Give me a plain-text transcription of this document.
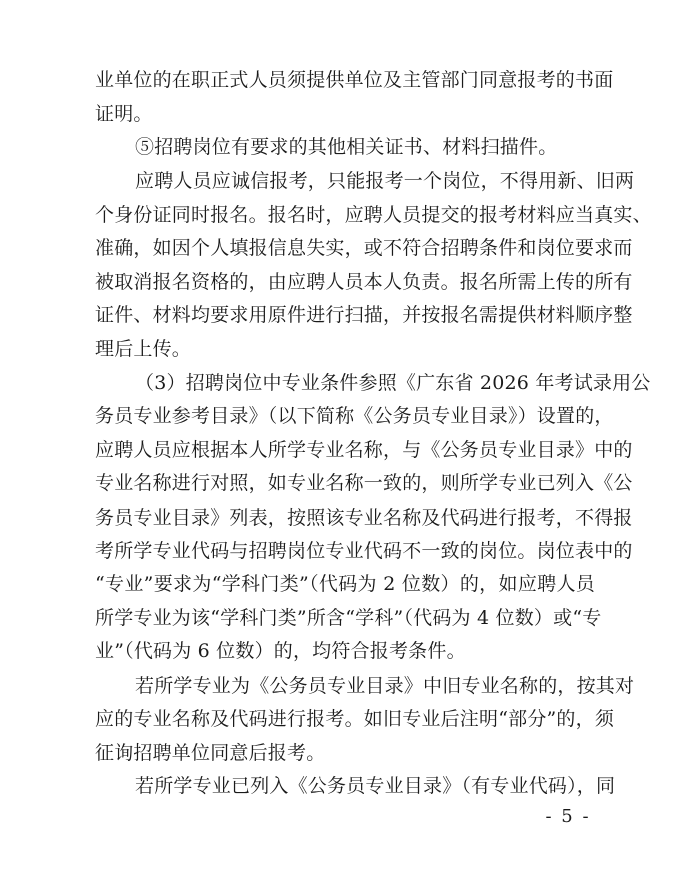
业单位的在职正式人员须提供单位及主管部门同意报考的书面
证明。
⑤招聘岗位有要求的其他相关证书、材料扫描件。
应聘人员应诚信报考，只能报考一个岗位，不得用新、旧两
个身份证同时报名。报名时，应聘人员提交的报考材料应当真实、
准确，如因个人填报信息失实，或不符合招聘条件和岗位要求而
被取消报名资格的，由应聘人员本人负责。报名所需上传的所有
证件、材料均要求用原件进行扫描，并按报名需提供材料顺序整
理后上传。
（3）招聘岗位中专业条件参照《广东省 2026 年考试录用公
务员专业参考目录》（以下简称《公务员专业目录》）设置的，
应聘人员应根据本人所学专业名称，与《公务员专业目录》中的
专业名称进行对照，如专业名称一致的，则所学专业已列入《公
务员专业目录》列表，按照该专业名称及代码进行报考，不得报
考所学专业代码与招聘岗位专业代码不一致的岗位。岗位表中的
“专业”要求为“学科门类”（代码为 2 位数）的，如应聘人员
所学专业为该“学科门类”所含“学科”（代码为 4 位数）或“专
业”（代码为 6 位数）的，均符合报考条件。
若所学专业为《公务员专业目录》中旧专业名称的，按其对
应的专业名称及代码进行报考。如旧专业后注明“部分”的，须
征询招聘单位同意后报考。
若所学专业已列入《公务员专业目录》（有专业代码），同
- 5 -
